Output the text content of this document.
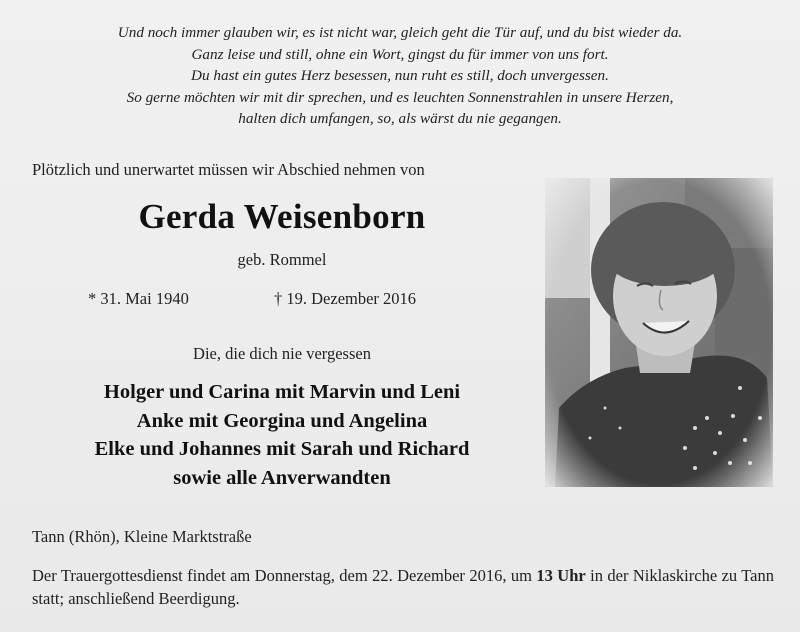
Und noch immer glauben wir, es ist nicht war, gleich geht die Tür auf, und du bist wieder da.
Ganz leise und still, ohne ein Wort, gingst du für immer von uns fort.
Du hast ein gutes Herz besessen, nun ruht es still, doch unvergessen.
So gerne möchten wir mit dir sprechen, und es leuchten Sonnenstrahlen in unsere Herzen,
halten dich umfangen, so, als wärst du nie gegangen.
Plötzlich und unerwartet müssen wir Abschied nehmen von
Gerda Weisenborn
geb. Rommel
* 31. Mai 1940	† 19. Dezember 2016
Die, die dich nie vergessen
Holger und Carina mit Marvin und Leni
Anke mit Georgina und Angelina
Elke und Johannes mit Sarah und Richard
sowie alle Anverwandten
Tann (Rhön), Kleine Marktstraße
Der Trauergottesdienst findet am Donnerstag, dem 22. Dezember 2016, um 13 Uhr in der Niklaskirche zu Tann statt; anschließend Beerdigung.
